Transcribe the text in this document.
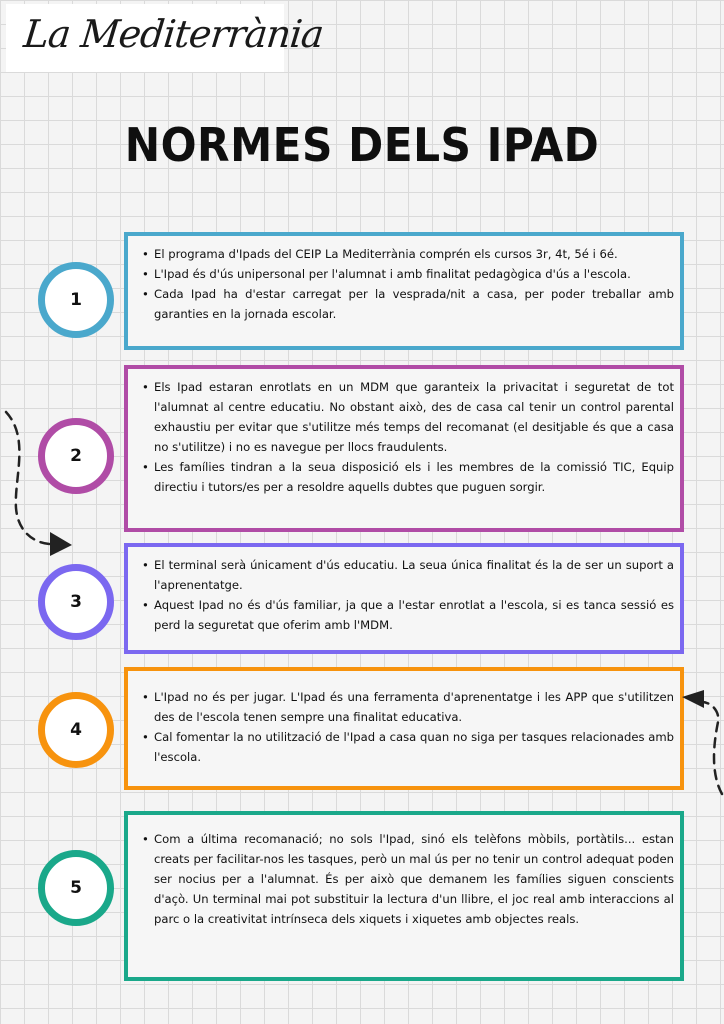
La Mediterrània
NORMES DELS IPAD
1
• El programa d'Ipads del CEIP La Mediterrània comprén els cursos 3r, 4t, 5é i 6é.
• L'Ipad és d'ús unipersonal per l'alumnat i amb finalitat pedagògica d'ús a l'escola.
• Cada Ipad ha d'estar carregat per la vesprada/nit a casa, per poder treballar amb garanties en la jornada escolar.
2
• Els Ipad estaran enrotlats en un MDM que garanteix la privacitat i seguretat de tot l'alumnat al centre educatiu. No obstant això, des de casa cal tenir un control parental exhaustiu per evitar que s'utilitze més temps del recomanat (el desitjable és que a casa no s'utilitze) i no es navegue per llocs fraudulents.
• Les famílies tindran a la seua disposició els i les membres de la comissió TIC, Equip directiu i tutors/es per a resoldre aquells dubtes que puguen sorgir.
3
• El terminal serà únicament d'ús educatiu. La seua única finalitat és la de ser un suport a l'aprenentatge.
• Aquest Ipad no és d'ús familiar, ja que a l'estar enrotlat a l'escola, si es tanca sessió es perd la seguretat que oferim amb l'MDM.
4
• L'Ipad no és per jugar. L'Ipad és una ferramenta d'aprenentatge i les APP que s'utilitzen des de l'escola tenen sempre una finalitat educativa.
• Cal fomentar la no utilització de l'Ipad a casa quan no siga per tasques relacionades amb l'escola.
5
• Com a última recomanació; no sols l'Ipad, sinó els telèfons mòbils, portàtils... estan creats per facilitar-nos les tasques, però un mal ús per no tenir un control adequat poden ser nocius per a l'alumnat. És per això que demanem les famílies siguen conscients d'açò. Un terminal mai pot substituir la lectura d'un llibre, el joc real amb interaccions al parc o la creativitat intrínseca dels xiquets i xiquetes amb objectes reals.
